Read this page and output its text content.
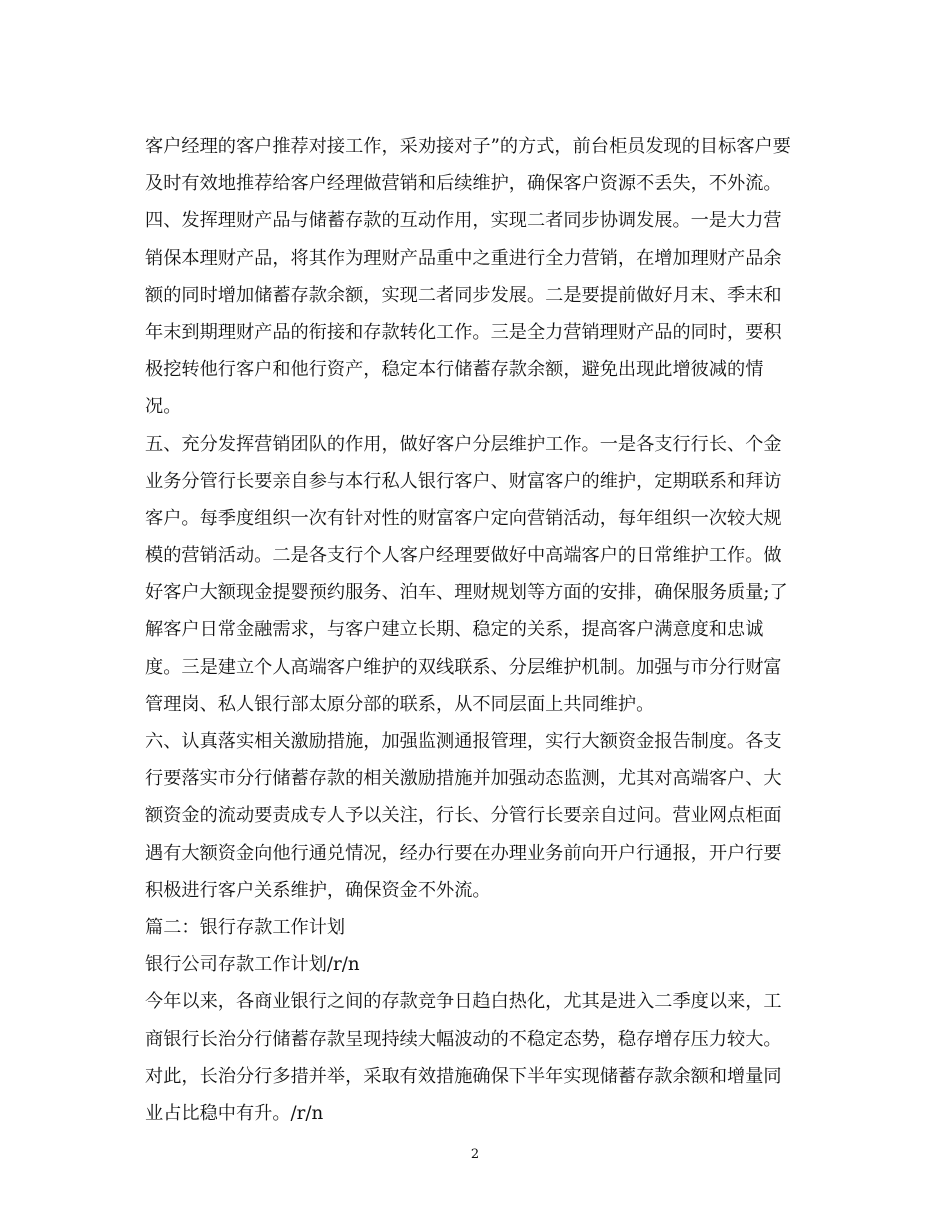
客户经理的客户推荐对接工作，采劝接对子”的方式，前台柜员发现的目标客户要
及时有效地推荐给客户经理做营销和后续维护，确保客户资源不丢失，不外流。
四、发挥理财产品与储蓄存款的互动作用，实现二者同步协调发展。一是大力营
销保本理财产品，将其作为理财产品重中之重进行全力营销，在增加理财产品余
额的同时增加储蓄存款余额，实现二者同步发展。二是要提前做好月末、季末和
年末到期理财产品的衔接和存款转化工作。三是全力营销理财产品的同时，要积
极挖转他行客户和他行资产，稳定本行储蓄存款余额，避免出现此增彼减的情
况。
五、充分发挥营销团队的作用，做好客户分层维护工作。一是各支行行长、个金
业务分管行长要亲自参与本行私人银行客户、财富客户的维护，定期联系和拜访
客户。每季度组织一次有针对性的财富客户定向营销活动，每年组织一次较大规
模的营销活动。二是各支行个人客户经理要做好中高端客户的日常维护工作。做
好客户大额现金提婴预约服务、泊车、理财规划等方面的安排，确保服务质量;了
解客户日常金融需求，与客户建立长期、稳定的关系，提高客户满意度和忠诚
度。三是建立个人高端客户维护的双线联系、分层维护机制。加强与市分行财富
管理岗、私人银行部太原分部的联系，从不同层面上共同维护。
六、认真落实相关激励措施，加强监测通报管理，实行大额资金报告制度。各支
行要落实市分行储蓄存款的相关激励措施并加强动态监测，尤其对高端客户、大
额资金的流动要责成专人予以关注，行长、分管行长要亲自过问。营业网点柜面
遇有大额资金向他行通兑情况，经办行要在办理业务前向开户行通报，开户行要
积极进行客户关系维护，确保资金不外流。
篇二：银行存款工作计划
银行公司存款工作计划/r/n
今年以来，各商业银行之间的存款竞争日趋白热化，尤其是进入二季度以来，工
商银行长治分行储蓄存款呈现持续大幅波动的不稳定态势，稳存增存压力较大。
对此，长治分行多措并举，采取有效措施确保下半年实现储蓄存款余额和增量同
业占比稳中有升。/r/n
2
